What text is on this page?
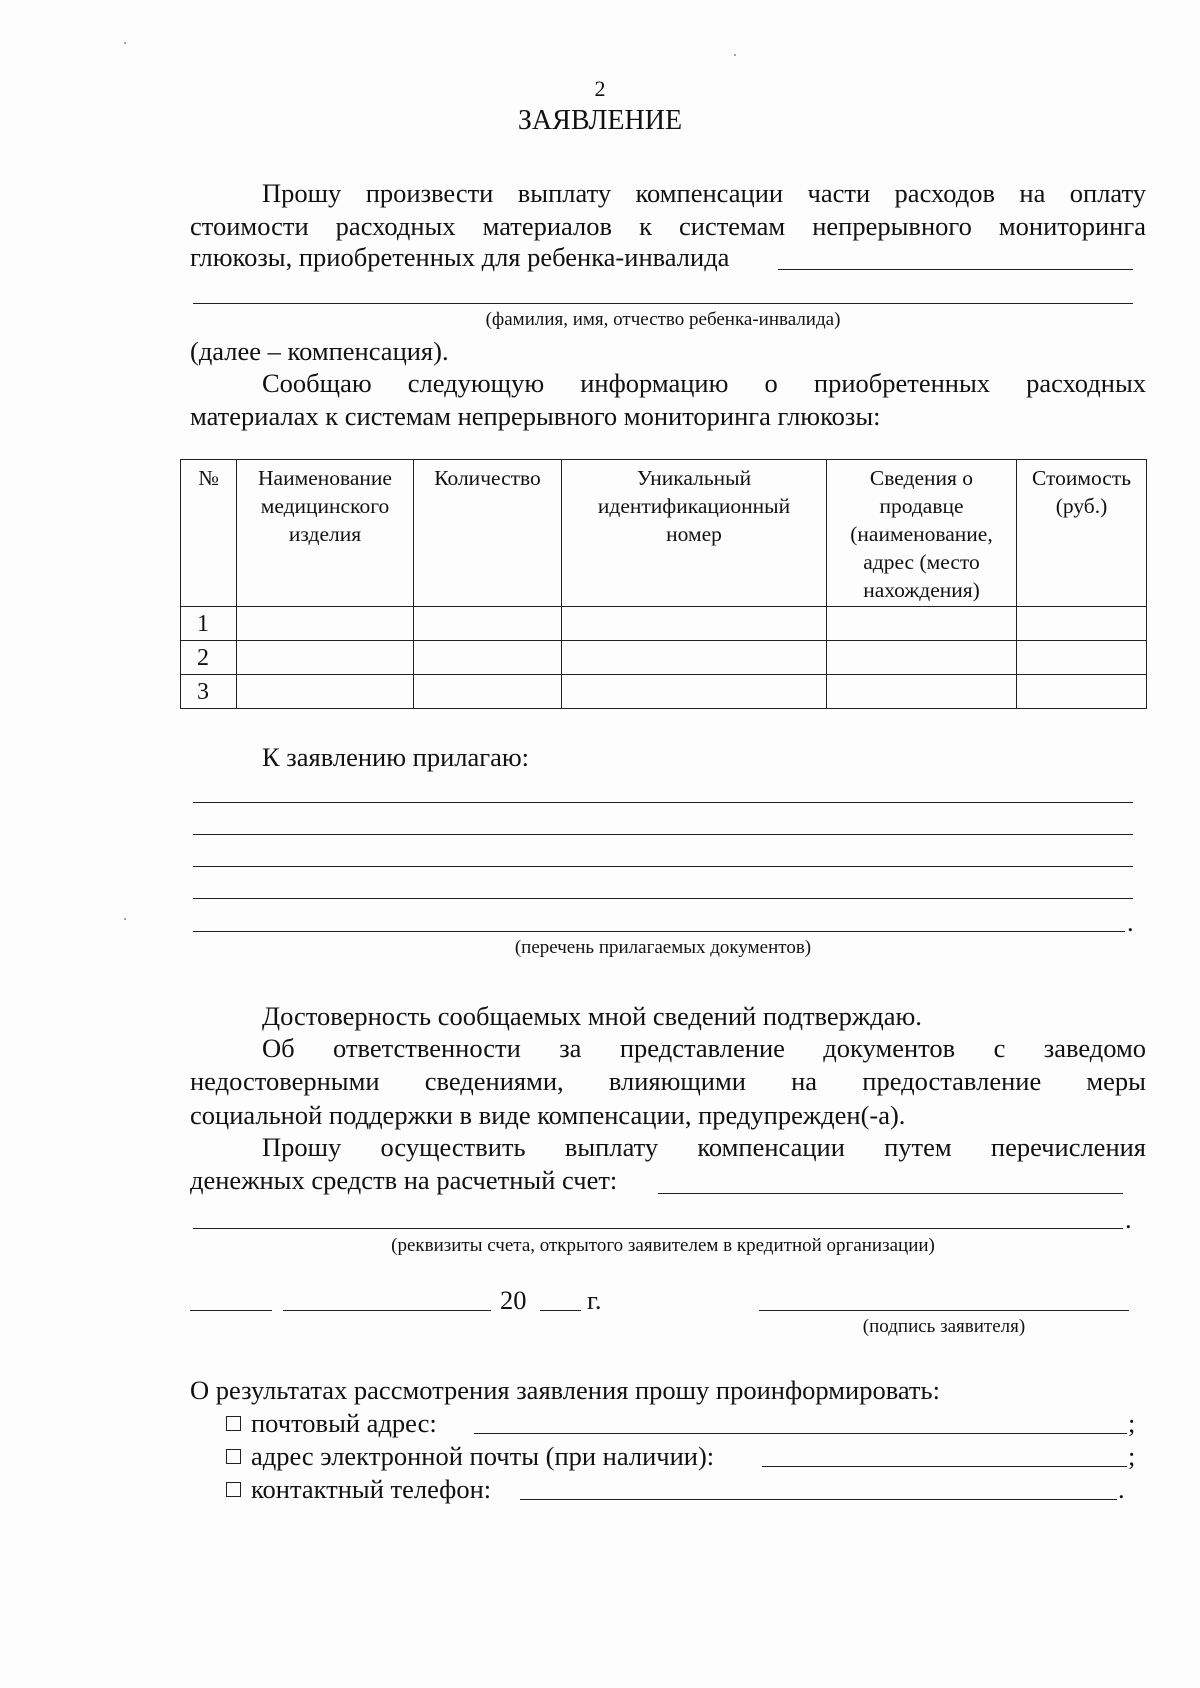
2
ЗАЯВЛЕНИЕ
Прошу произвести выплату компенсации части расходов на оплату
стоимости расходных материалов к системам непрерывного мониторинга
глюкозы, приобретенных для ребенка-инвалида
(фамилия, имя, отчество ребенка-инвалида)
(далее – компенсация).
Сообщаю следующую информацию о приобретенных расходных
материалах к системам непрерывного мониторинга глюкозы:
№	Наименование
медицинского
изделия	Количество	Уникальный
идентификационный
номер	Сведения о
продавце
(наименование,
адрес (место
нахождения)	Стоимость
(руб.)

1					
2					
3					
К заявлению прилагаю:
.
(перечень прилагаемых документов)
Достоверность сообщаемых мной сведений подтверждаю.
Об ответственности за представление документов с заведомо
недостоверными сведениями, влияющими на предоставление меры
социальной поддержки в виде компенсации, предупрежден(-а).
Прошу осуществить выплату компенсации путем перечисления
денежных средств на расчетный счет:
.
(реквизиты счета, открытого заявителем в кредитной организации)
20 г.
(подпись заявителя)
О результатах рассмотрения заявления прошу проинформировать:
почтовый адрес:	;
адрес электронной почты (при наличии):	;
контактный телефон:	.
